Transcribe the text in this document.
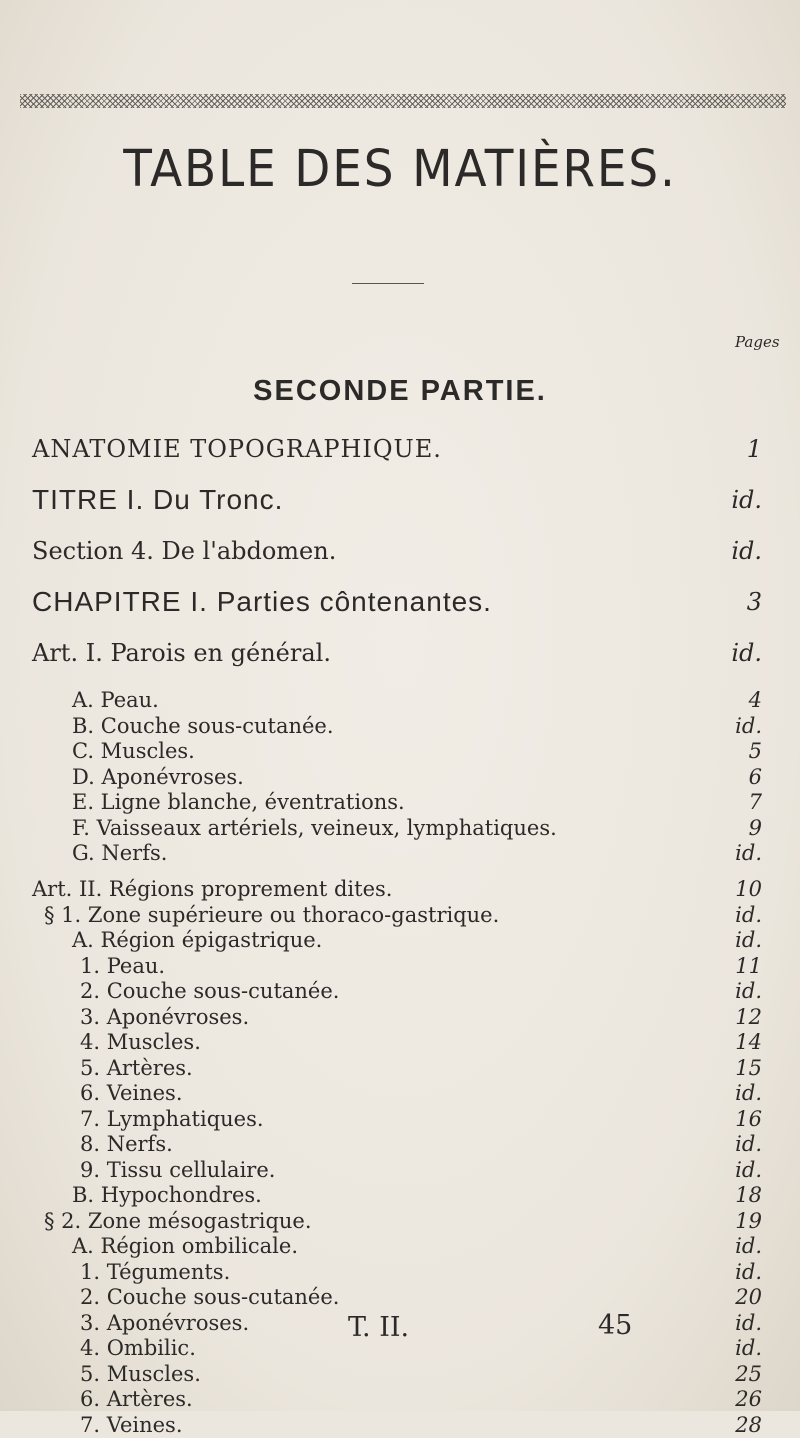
TABLE DES MATIÈRES.
Pages
SECONDE PARTIE.
ANATOMIE TOPOGRAPHIQUE.	1
TITRE I. Du Tronc.	id.
Section 4. De l'abdomen.	id.
CHAPITRE I. Parties côntenantes.	3
Art. I. Parois en général.	id.
A. Peau.	4
B. Couche sous-cutanée.	id.
C. Muscles.	5
D. Aponévroses.	6
E. Ligne blanche, éventrations.	7
F. Vaisseaux artériels, veineux, lymphatiques.	9
G. Nerfs.	id.
Art. II. Régions proprement dites.	10
§ 1. Zone supérieure ou thoraco-gastrique.	id.
A. Région épigastrique.	id.
1. Peau.	11
2. Couche sous-cutanée.	id.
3. Aponévroses.	12
4. Muscles.	14
5. Artères.	15
6. Veines.	id.
7. Lymphatiques.	16
8. Nerfs.	id.
9. Tissu cellulaire.	id.
B. Hypochondres.	18
§ 2. Zone mésogastrique.	19
A. Région ombilicale.	id.
1. Téguments.	id.
2. Couche sous-cutanée.	20
3. Aponévroses.	id.
4. Ombilic.	id.
5. Muscles.	25
6. Artères.	26
7. Veines.	28
T. II.	45
